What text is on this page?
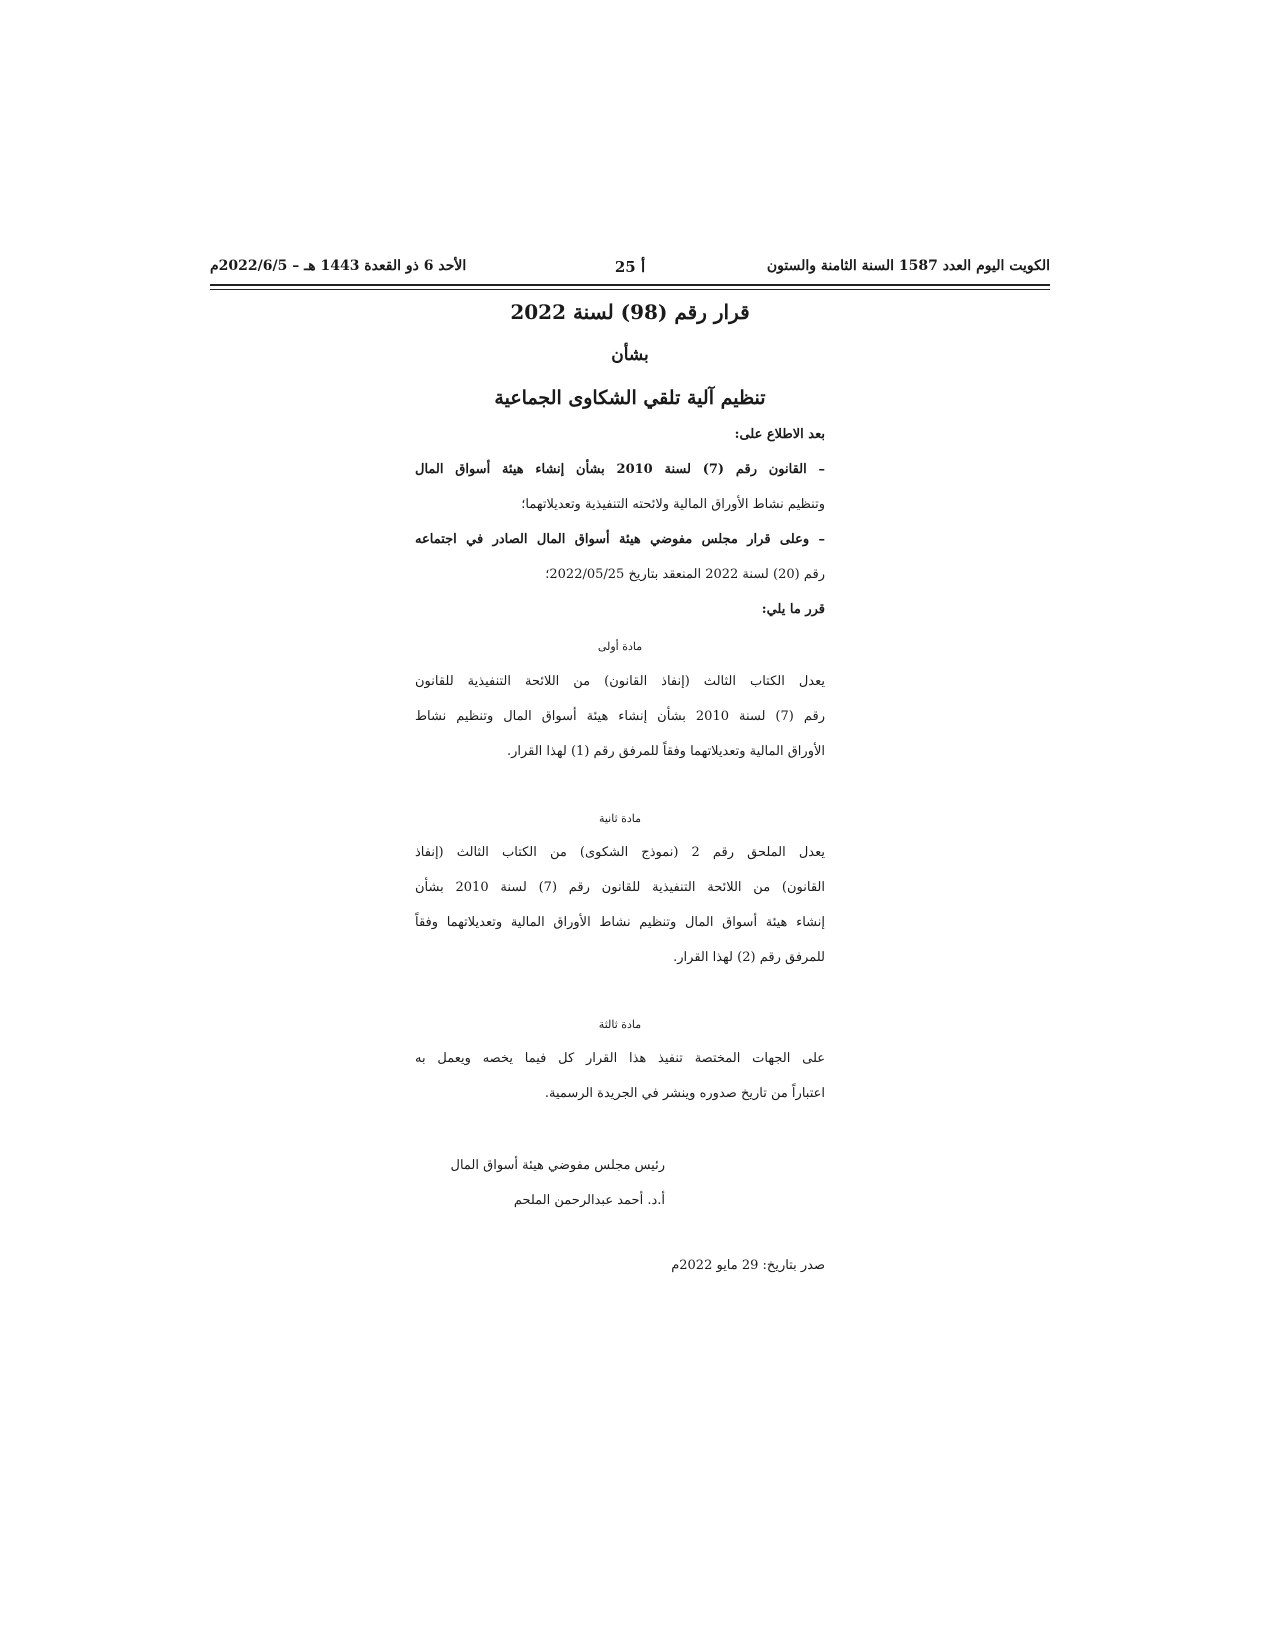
الكويت اليوم العدد 1587 السنة الثامنة والستون
أ 25
الأحد 6 ذو القعدة 1443 هـ – 2022/6/5م
قرار رقم (98) لسنة 2022
بشأن
تنظيم آلية تلقي الشكاوى الجماعية
بعد الاطلاع على:
– القانون رقم (7) لسنة 2010 بشأن إنشاء هيئة أسواق المال
وتنظيم نشاط الأوراق المالية ولائحته التنفيذية وتعديلاتهما؛
– وعلى قرار مجلس مفوضي هيئة أسواق المال الصادر في اجتماعه
رقم (20) لسنة 2022 المنعقد بتاريخ 2022/05/25؛
قرر ما يلي:
مادة أولى
يعدل الكتاب الثالث (إنفاذ القانون) من اللائحة التنفيذية للقانون
رقم (7) لسنة 2010 بشأن إنشاء هيئة أسواق المال وتنظيم نشاط
الأوراق المالية وتعديلاتهما وفقاً للمرفق رقم (1) لهذا القرار.
مادة ثانية
يعدل الملحق رقم 2 (نموذج الشكوى) من الكتاب الثالث (إنفاذ
القانون) من اللائحة التنفيذية للقانون رقم (7) لسنة 2010 بشأن
إنشاء هيئة أسواق المال وتنظيم نشاط الأوراق المالية وتعديلاتهما وفقاً
للمرفق رقم (2) لهذا القرار.
مادة ثالثة
على الجهات المختصة تنفيذ هذا القرار كل فيما يخصه ويعمل به
اعتباراً من تاريخ صدوره وينشر في الجريدة الرسمية.
رئيس مجلس مفوضي هيئة أسواق المال
أ.د. أحمد عبدالرحمن الملحم
صدر بتاريخ: 29 مايو 2022م
